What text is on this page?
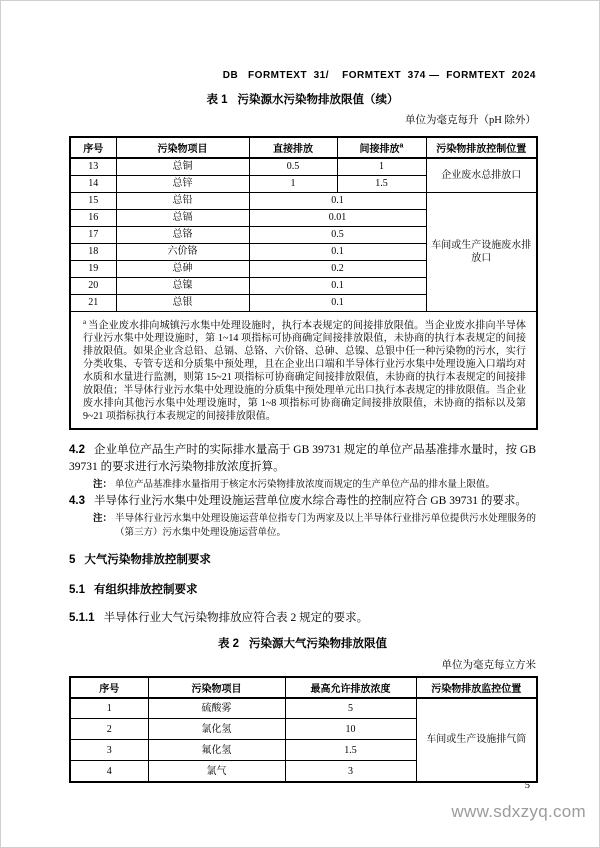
DB   FORMTEXT  31/    FORMTEXT  374 —  FORMTEXT  2024
表 1 污染源水污染物排放限值（续）
单位为毫克每升（pH 除外）
序号	污染物项目	直接排放	间接排放$^a$	污染物排放控制位置
13	总铜	0.5	1	企业废水总排放口
14	总锌	1	1.5	
15	总铅	0.1		车间或生产设施废水排放口
16	总镉	0.01		
17	总铬	0.5		
18	六价铬	0.1		
19	总砷	0.2		
20	总镍	0.1		
21	总银	0.1		
$^a$ 当企业废水排向城镇污水集中处理设施时，执行本表规定的间接排放限值。当企业废水排向半导体行业污水集中处理设施时，第 1~14 项指标可协商确定间接排放限值，未协商的执行本表规定的间接排放限值。如果企业含总铅、总镉、总铬、六价铬、总砷、总镍、总银中任一种污染物的污水，实行分类收集、专管专送和分质集中预处理，且在企业出口端和半导体行业污水集中处理设施入口端均对水质和水量进行监测，则第 15~21 项指标可协商确定间接排放限值，未协商的执行本表规定的间接排放限值；半导体行业污水集中处理设施的分质集中预处理单元出口执行本表规定的排放限值。当企业废水排向其他污水集中处理设施时，第 1~8 项指标可协商确定间接排放限值，未协商的指标以及第 9~21 项指标执行本表规定的间接排放限值。				

4.2 企业单位产品生产时的实际排水量高于 GB 39731 规定的单位产品基准排水量时，按 GB 39731 的要求进行水污染物排放浓度折算。

注： 单位产品基准排水量指用于核定水污染物排放浓度而规定的生产单位产品的排水量上限值。

4.3 半导体行业污水集中处理设施运营单位废水综合毒性的控制应符合 GB 39731 的要求。

注： 半导体行业污水集中处理设施运营单位指专门为两家及以上半导体行业排污单位提供污水处理服务的（第三方）污水集中处理设施运营单位。
5 大气污染物排放控制要求
5.1 有组织排放控制要求

5.1.1 半导体行业大气污染物排放应符合表 2 规定的要求。

表 2 污染源大气污染物排放限值
单位为毫克每立方米
序号	污染物项目	最高允许排放浓度	污染物排放监控位置
1	硫酸雾	5	车间或生产设施排气筒
2	氯化氢	10	
3	氟化氢	1.5	
4	氯气	3	
5
www.sdxzyq.com
